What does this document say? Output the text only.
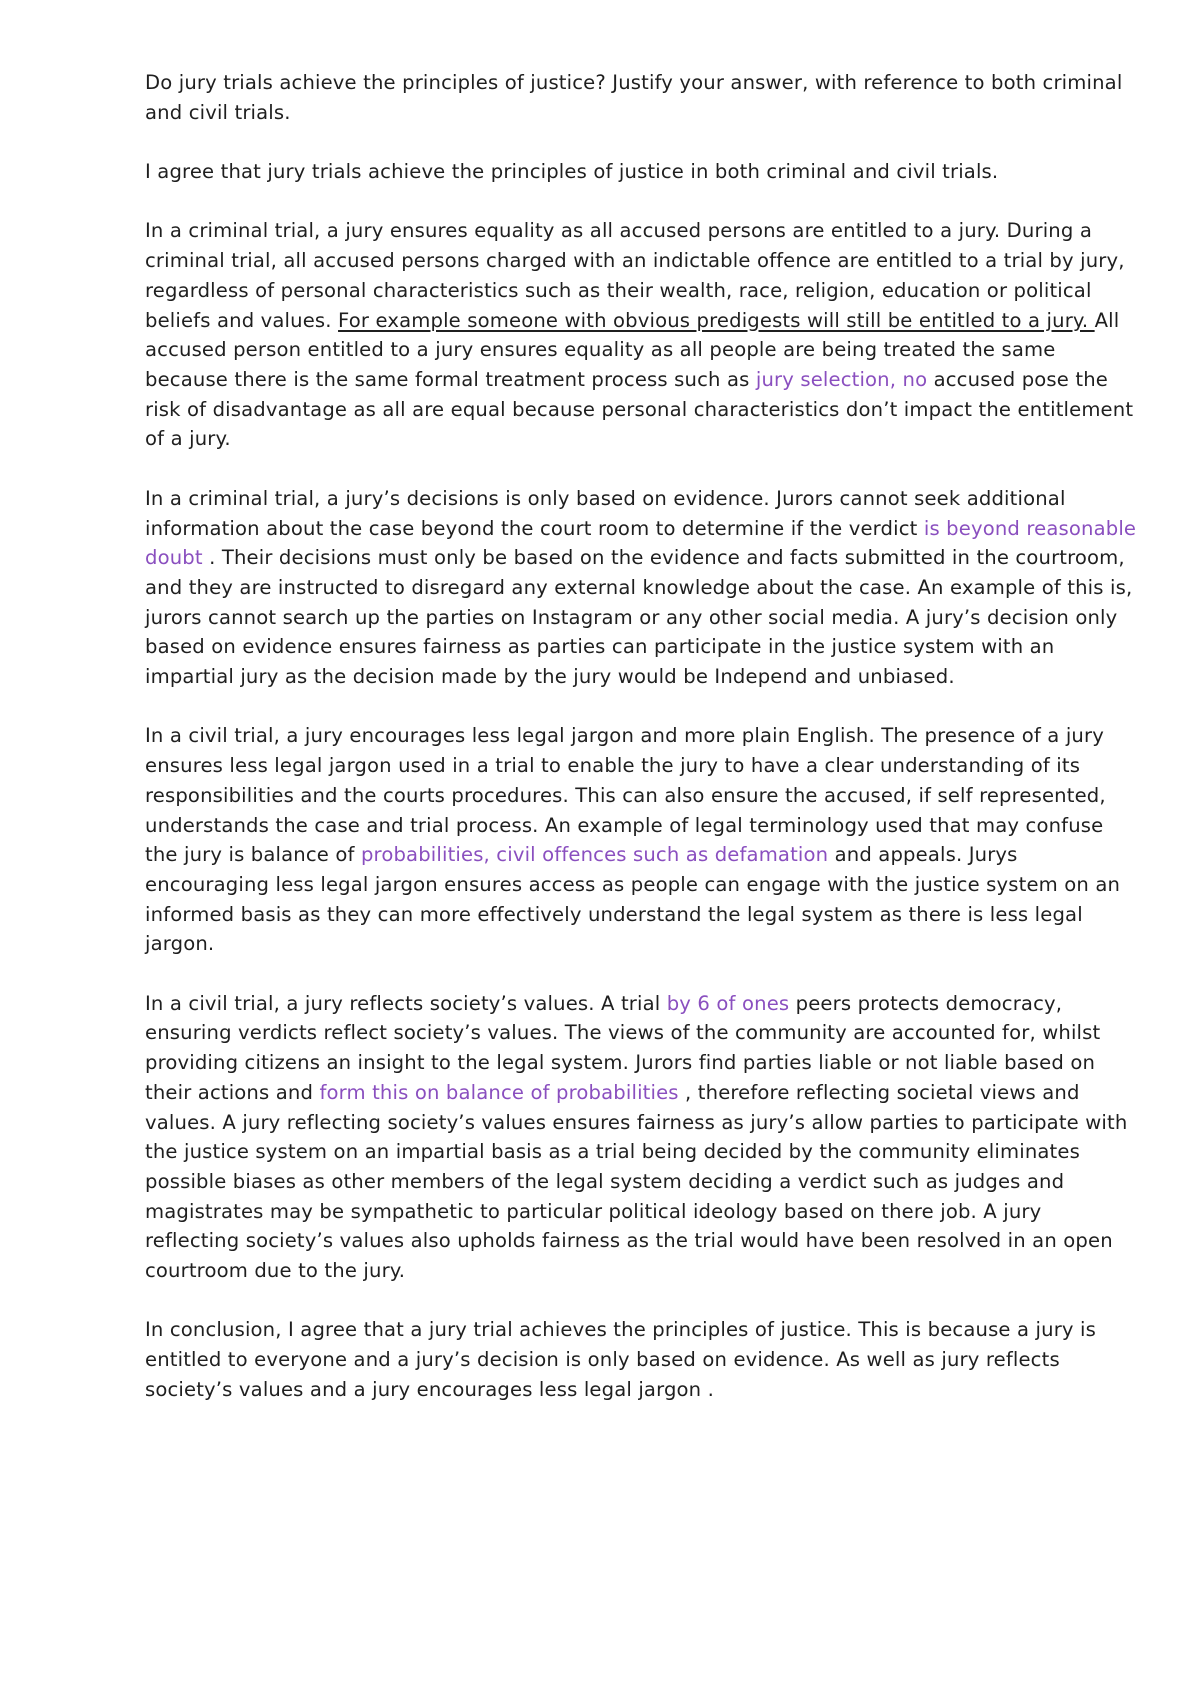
Do jury trials achieve the principles of justice? Justify your answer, with reference to both criminal and civil trials.

I agree that jury trials achieve the principles of justice in both criminal and civil trials.

In a criminal trial, a jury ensures equality as all accused persons are entitled to a jury. During a criminal trial, all accused persons charged with an indictable offence are entitled to a trial by jury, regardless of personal characteristics such as their wealth, race, religion, education or political beliefs and values. For example someone with obvious predigests will still be entitled to a jury. All accused person entitled to a jury ensures equality as all people are being treated the same because there is the same formal treatment process such as jury selection, no accused pose the risk of disadvantage as all are equal because personal characteristics don’t impact the entitlement of a jury.

In a criminal trial, a jury’s decisions is only based on evidence. Jurors cannot seek additional information about the case beyond the court room to determine if the verdict is beyond reasonable doubt . Their decisions must only be based on the evidence and facts submitted in the courtroom, and they are instructed to disregard any external knowledge about the case. An example of this is, jurors cannot search up the parties on Instagram or any other social media. A jury’s decision only based on evidence ensures fairness as parties can participate in the justice system with an impartial jury as the decision made by the jury would be Independ and unbiased.

In a civil trial, a jury encourages less legal jargon and more plain English. The presence of a jury ensures less legal jargon used in a trial to enable the jury to have a clear understanding of its responsibilities and the courts procedures. This can also ensure the accused, if self represented, understands the case and trial process. An example of legal terminology used that may confuse the jury is balance of probabilities, civil offences such as defamation and appeals. Jurys encouraging less legal jargon ensures access as people can engage with the justice system on an informed basis as they can more effectively understand the legal system as there is less legal jargon.

In a civil trial, a jury reflects society’s values. A trial by 6 of ones peers protects democracy, ensuring verdicts reflect society’s values. The views of the community are accounted for, whilst providing citizens an insight to the legal system. Jurors find parties liable or not liable based on their actions and form this on balance of probabilities , therefore reflecting societal views and values. A jury reflecting society’s values ensures fairness as jury’s allow parties to participate with the justice system on an impartial basis as a trial being decided by the community eliminates possible biases as other members of the legal system deciding a verdict such as judges and magistrates may be sympathetic to particular political ideology based on there job. A jury reflecting society’s values also upholds fairness as the trial would have been resolved in an open courtroom due to the jury.

In conclusion, I agree that a jury trial achieves the principles of justice. This is because a jury is entitled to everyone and a jury’s decision is only based on evidence. As well as jury reflects society’s values and a jury encourages less legal jargon .
